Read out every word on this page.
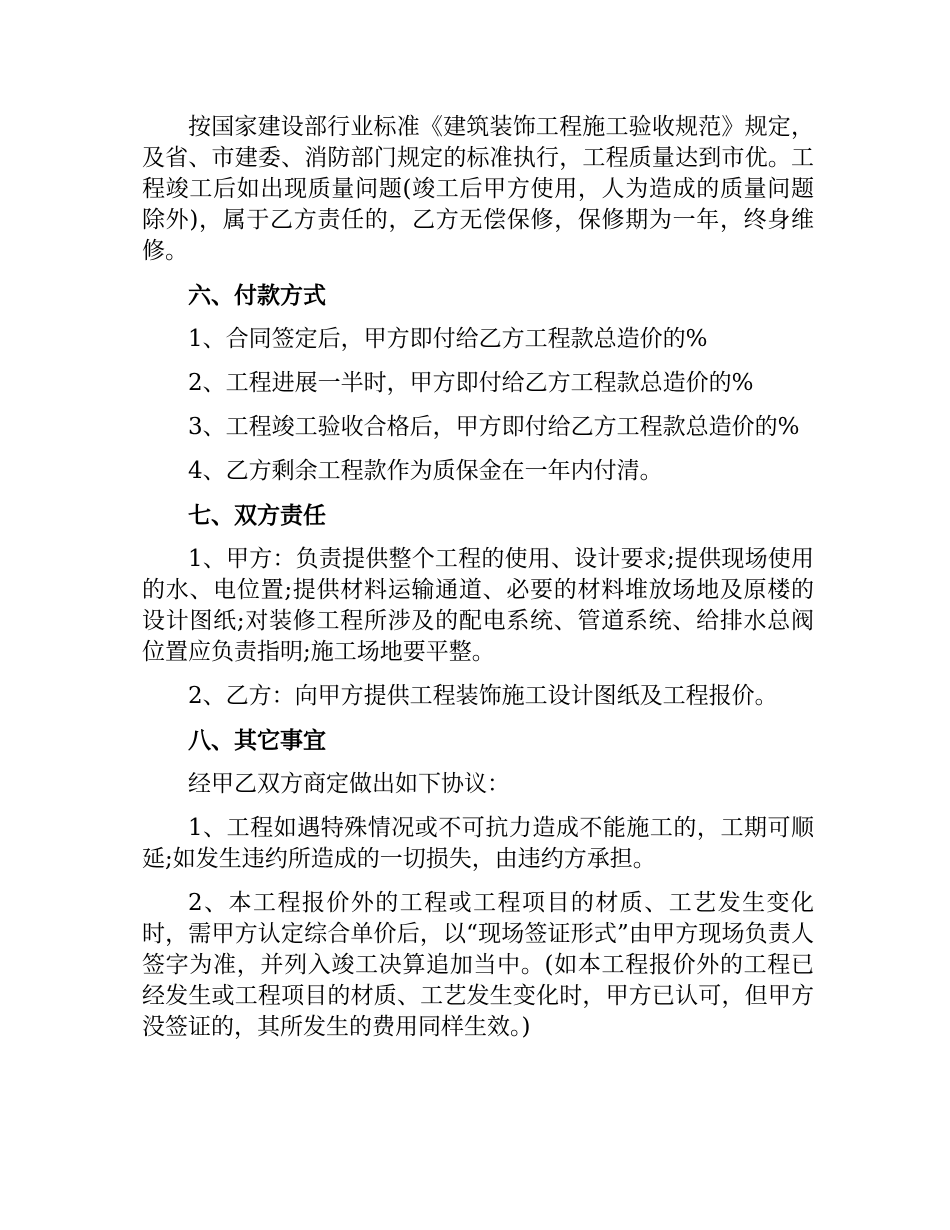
按国家建设部行业标准《建筑装饰工程施工验收规范》规定，及省、市建委、消防部门规定的标准执行，工程质量达到市优。工程竣工后如出现质量问题(竣工后甲方使用，人为造成的质量问题除外)，属于乙方责任的，乙方无偿保修，保修期为一年，终身维修。

六、付款方式

1、合同签定后，甲方即付给乙方工程款总造价的%

2、工程进展一半时，甲方即付给乙方工程款总造价的%

3、工程竣工验收合格后，甲方即付给乙方工程款总造价的%

4、乙方剩余工程款作为质保金在一年内付清。

七、双方责任

1、甲方：负责提供整个工程的使用、设计要求;提供现场使用的水、电位置;提供材料运输通道、必要的材料堆放场地及原楼的设计图纸;对装修工程所涉及的配电系统、管道系统、给排水总阀位置应负责指明;施工场地要平整。

2、乙方：向甲方提供工程装饰施工设计图纸及工程报价。

八、其它事宜

经甲乙双方商定做出如下协议：

1、工程如遇特殊情况或不可抗力造成不能施工的，工期可顺延;如发生违约所造成的一切损失，由违约方承担。

2、本工程报价外的工程或工程项目的材质、工艺发生变化时，需甲方认定综合单价后，以“现场签证形式”由甲方现场负责人签字为准，并列入竣工决算追加当中。(如本工程报价外的工程已经发生或工程项目的材质、工艺发生变化时，甲方已认可，但甲方没签证的，其所发生的费用同样生效。)
